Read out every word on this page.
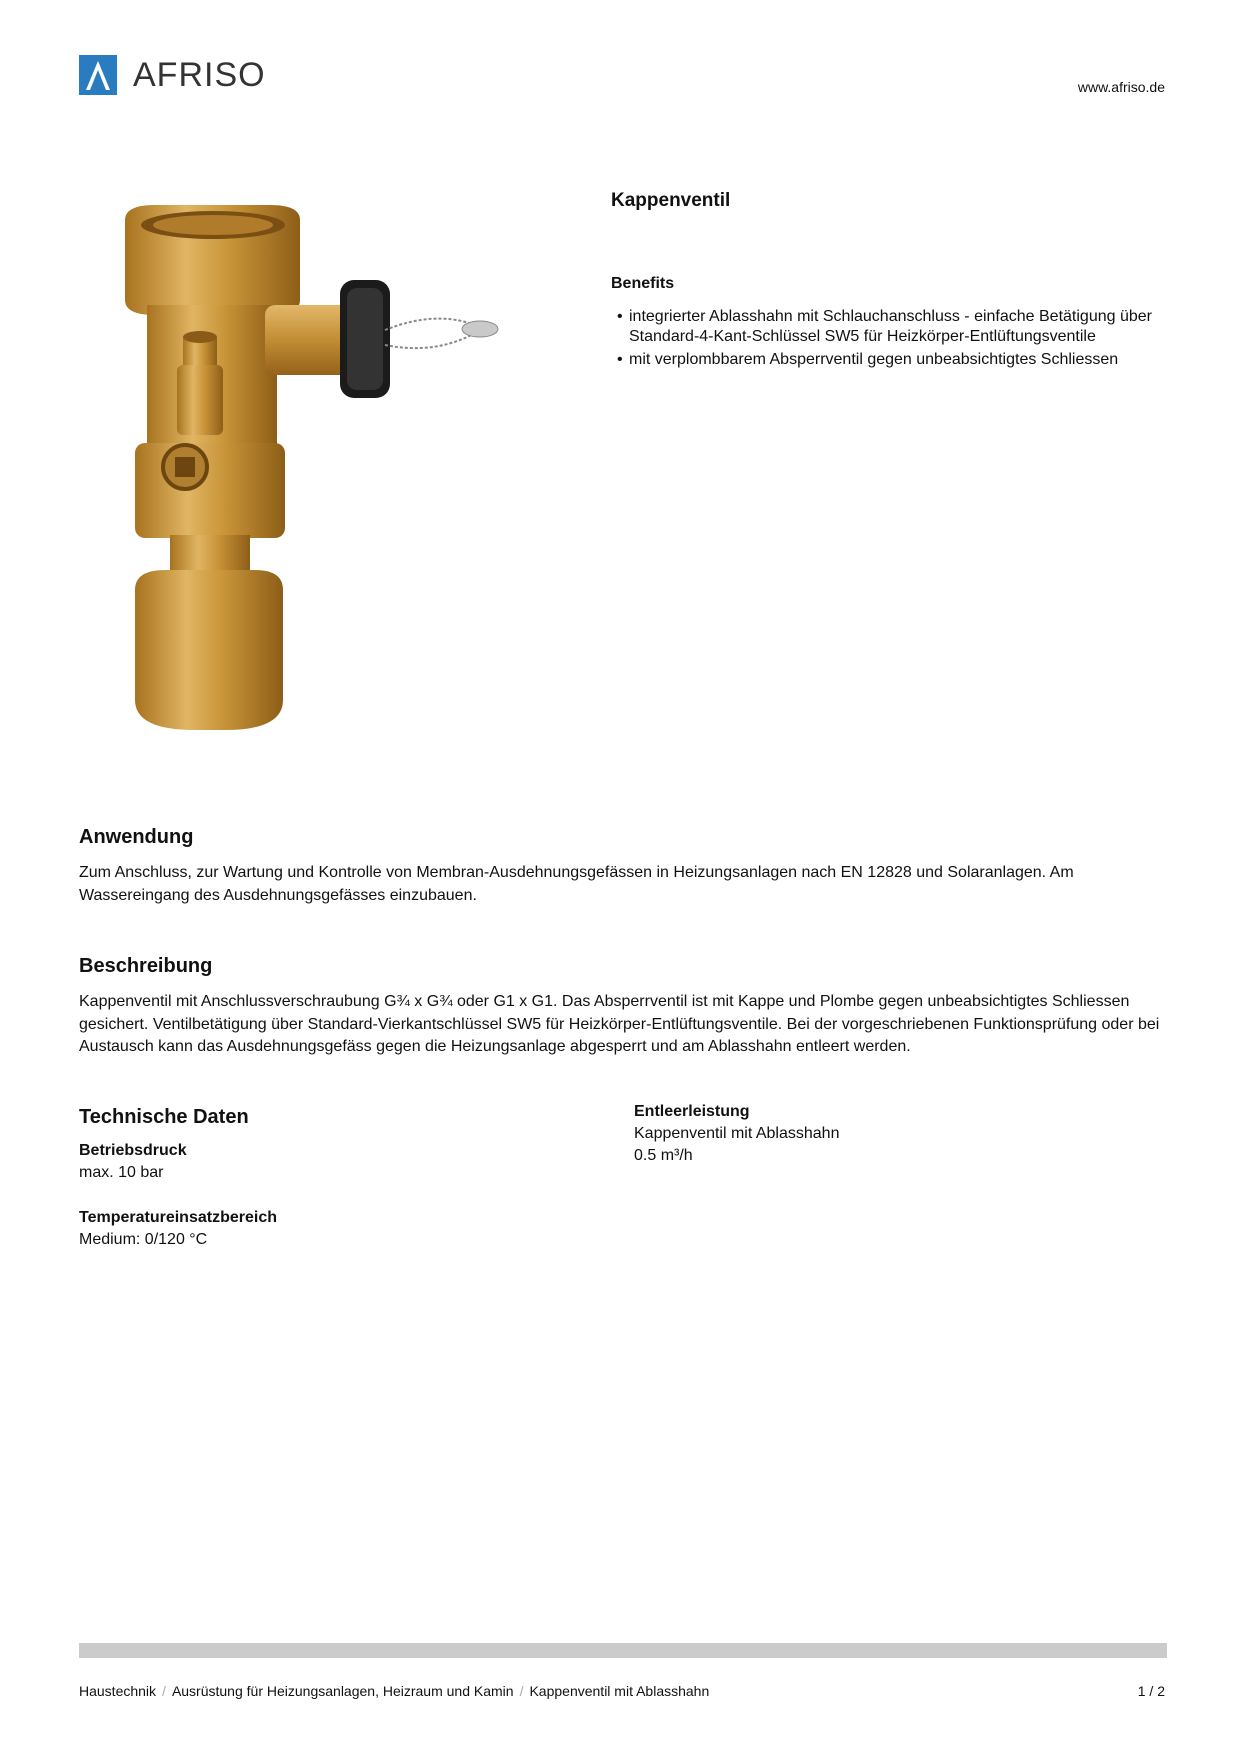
AFRISO	www.afriso.de
Kappenventil
Benefits
• integrierter Ablasshahn mit Schlauchanschluss - einfache Betätigung über Standard-4-Kant-Schlüssel SW5 für Heizkörper-Entlüftungsventile
• mit verplombbarem Absperrventil gegen unbeabsichtigtes Schliessen
Anwendung
Zum Anschluss, zur Wartung und Kontrolle von Membran-Ausdehnungsgefässen in Heizungsanlagen nach EN 12828 und Solaranlagen. Am Wassereingang des Ausdehnungsgefässes einzubauen.
Beschreibung
Kappenventil mit Anschlussverschraubung G¾ x G¾ oder G1 x G1. Das Absperrventil ist mit Kappe und Plombe gegen unbeabsichtigtes Schliessen gesichert. Ventilbetätigung über Standard-Vierkantschlüssel SW5 für Heizkörper-Entlüftungsventile. Bei der vorgeschriebenen Funktionsprüfung oder bei Austausch kann das Ausdehnungsgefäss gegen die Heizungsanlage abgesperrt und am Ablasshahn entleert werden.
Technische Daten
Betriebsdruck
max. 10 bar
Temperatureinsatzbereich
Medium: 0/120 °C
Entleerleistung
Kappenventil mit Ablasshahn
0.5 m³/h
Haustechnik / Ausrüstung für Heizungsanlagen, Heizraum und Kamin / Kappenventil mit Ablasshahn	1 / 2
